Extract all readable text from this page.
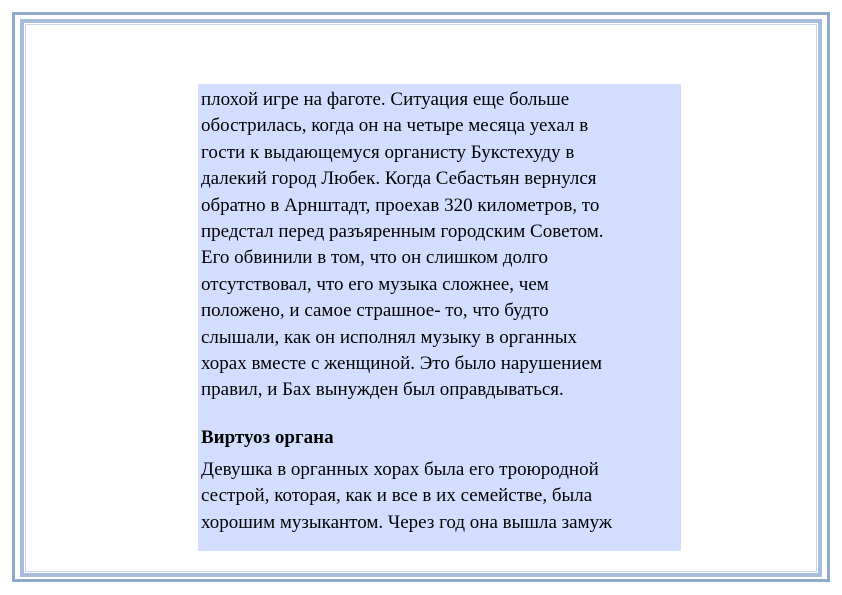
плохой игре на фаготе. Ситуация еще больше
обострилась, когда он на четыре месяца уехал в
гости к выдающемуся органисту Букстехуду в
далекий город Любек. Когда Себастьян вернулся
обратно в Арнштадт, проехав 320 километров, то
предстал перед разъяренным городским Советом.
Его обвинили в том, что он слишком долго
отсутствовал, что его музыка сложнее, чем
положено, и самое страшное- то, что будто
слышали, как он исполнял музыку в органных
хорах вместе с женщиной. Это было нарушением
правил, и Бах вынужден был оправдываться.

Виртуоз органа

Девушка в органных хорах была его троюродной
сестрой, которая, как и все в их семействе, была
хорошим музыкантом. Через год она вышла замуж
